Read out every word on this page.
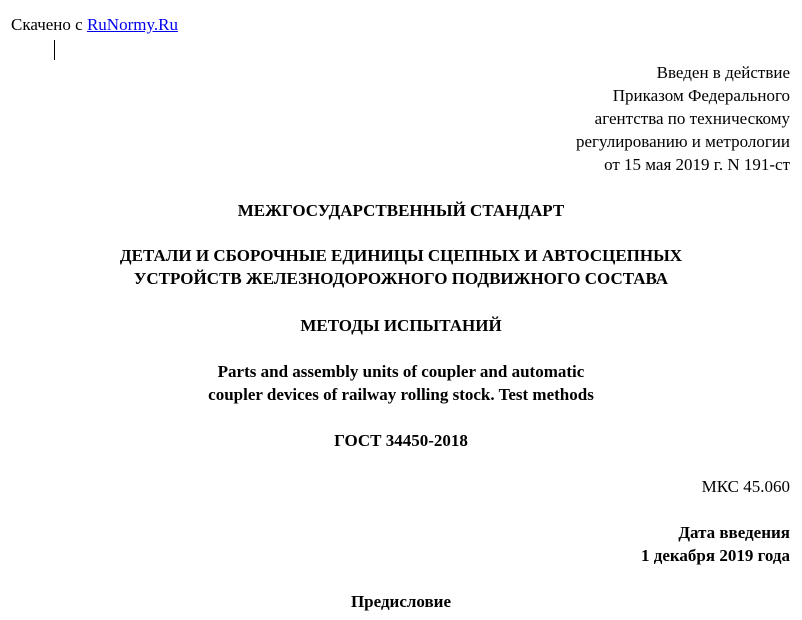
Скачено с RuNormy.Ru
Введен в действие
Приказом Федерального
агентства по техническому
регулированию и метрологии
от 15 мая 2019 г. N 191-ст
МЕЖГОСУДАРСТВЕННЫЙ СТАНДАРТ
ДЕТАЛИ И СБОРОЧНЫЕ ЕДИНИЦЫ СЦЕПНЫХ И АВТОСЦЕПНЫХ
УСТРОЙСТВ ЖЕЛЕЗНОДОРОЖНОГО ПОДВИЖНОГО СОСТАВА
МЕТОДЫ ИСПЫТАНИЙ
Parts and assembly units of coupler and automatic
coupler devices of railway rolling stock. Test methods
ГОСТ 34450-2018
МКС 45.060
Дата введения
1 декабря 2019 года
Предисловие
